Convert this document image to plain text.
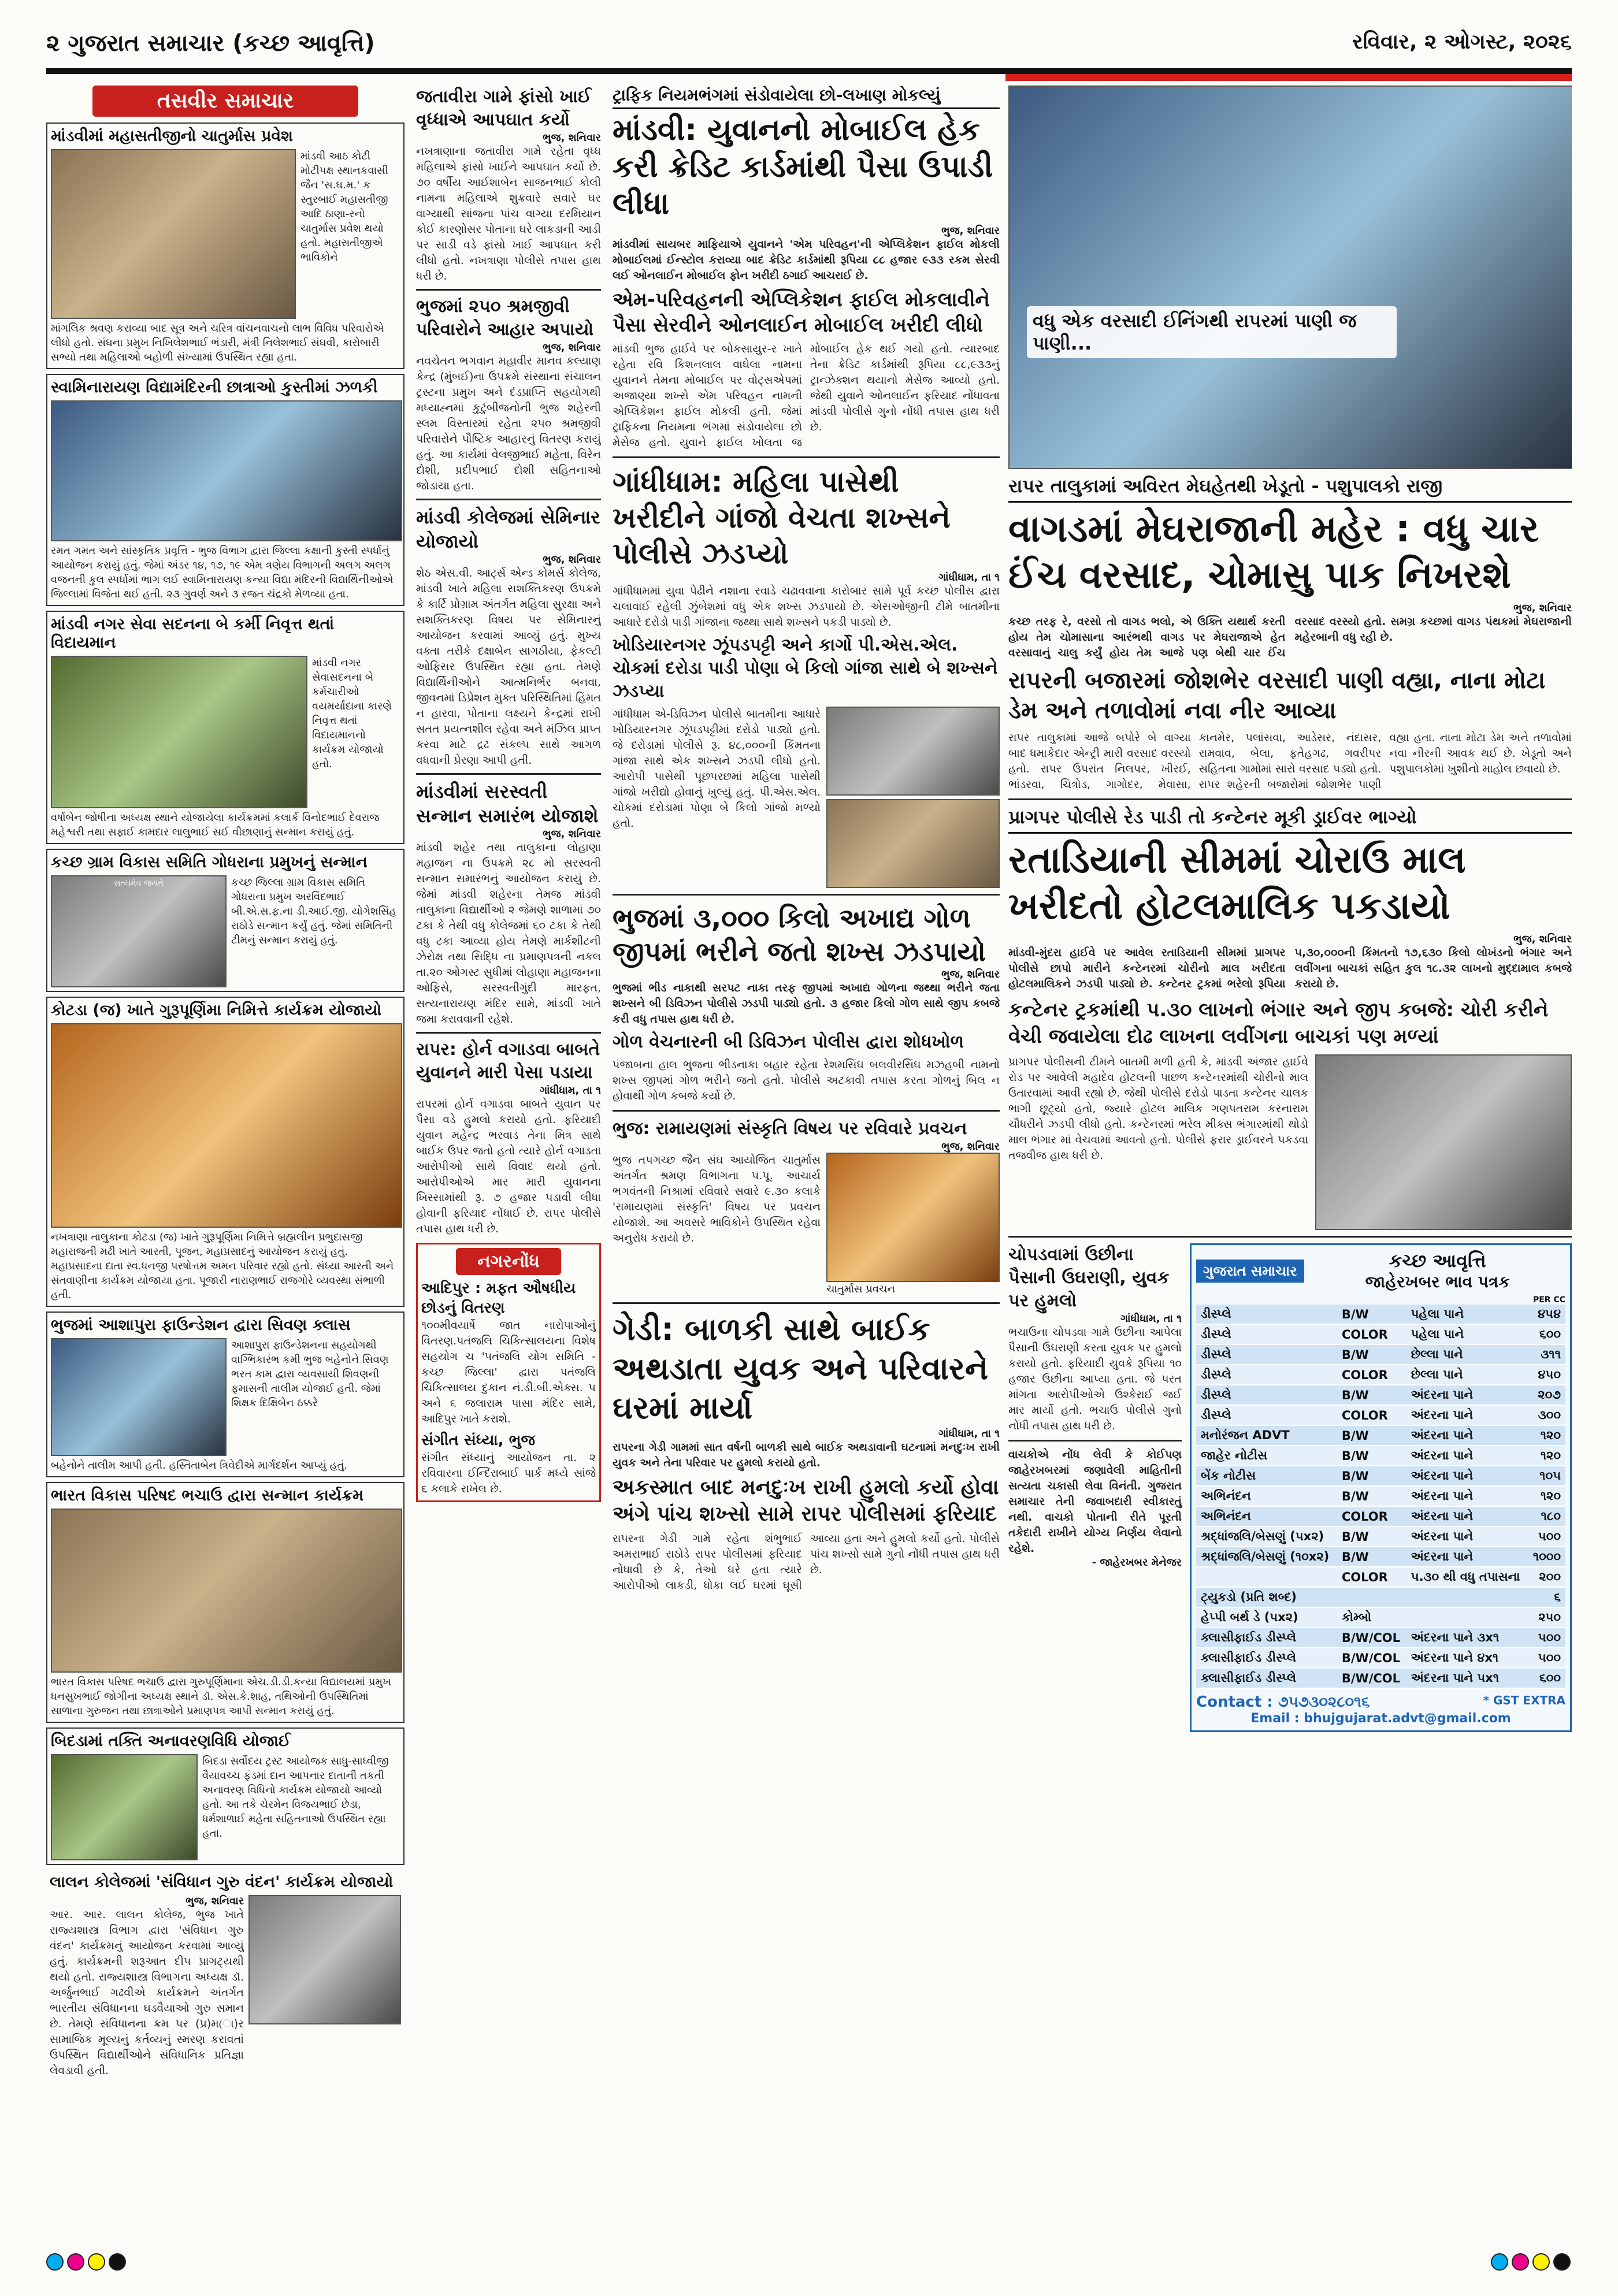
૨ ગુજરાત સમાચાર (કચ્છ આવૃત્તિ)	રવિવાર, ૨ ઓગસ્ટ, ૨૦૨૬
તસવીર સમાચાર
માંડવીમાં મહાસતીજીનો ચાતુર્માસ પ્રવેશ
માંડવી આઠ કોટી મોટીપક્ષ સ્થાનકવાસી જૈન 'સ.ઘ.મ.' ક સ્તુરબાઈ મહાસતીજી આદિ ઠાણા-રનો ચાતુર્માસ પ્રવેશ થયો હતો. મહાસતીજીએ ભાવિકોને
માંગલિક શ્રવણ કરાવ્યા બાદ સૂત્ર અને ચરિત્ર વાંચનવાચનો લાભ વિવિધ પરિવારોએ લીધો હતો. સંઘના પ્રમુખ નિખિલેશભાઈ ભંડારી, મંત્રી નિલેશભાઈ સંઘવી, કારોબારી સભ્યો તથા મહિલાઓ બહોળી સંખ્યામાં ઉપસ્થિત રહ્યા હતા.
સ્વામિનારાયણ વિદ્યામંદિરની છાત્રાઓ કુસ્તીમાં ઝળકી
રમત ગમત અને સાંસ્કૃતિક પ્રવૃત્તિ - ભુજ વિભાગ દ્વારા જિલ્લા કક્ષાની કુસ્તી સ્પર્ધાનું આયોજન કરાયું હતું. જેમાં અંડર ૧૪, ૧૭, ૧૯ એમ ત્રણેય વિભાગની અલગ અલગ વજનની કુલ સ્પર્ધામાં ભાગ લઈ સ્વામિનારાયણ કન્યા વિદ્યા મંદિરની વિદ્યાર્થિનીઓએ જિલ્લામાં વિજેતા થઈ હતી. ૨૩ ગુવર્ણ અને ૩ રજત ચંદ્રકો મેળવ્યા હતા.
માંડવી નગર સેવા સદનના બે કર્મી નિવૃત્ત થતાં વિદાયમાન
માંડવી નગર સેવાસદનના બે કર્મચારીઓ વયમર્યાદાના કારણે નિવૃત્ત થતાં વિદાયમાનનો કાર્યક્રમ યોજાયો હતો.
વર્ષાબેન જોષીના અધ્યક્ષ સ્થાને યોજાયેલા કાર્યક્રમમાં કલાર્ક વિનોદભાઈ દેવરાજ મહેશ્વરી તથા સફાઈ કામદાર લાલુભાઈ સઈ વીછાણાનું સન્માન કરાયું હતું.
કચ્છ ગ્રામ વિકાસ સમિતિ ગોધરાના પ્રમુખનું સન્માન
સત્યમેવ જયતે	કચ્છ જિલ્લા ગ્રામ વિકાસ સમિતિ ગોધરાના પ્રમુખ અરવિંદભાઈ બી.એ.સ.ફ.ના ડી.આઈ.જી. યોગેશસિંહ રાઠોડે સન્માન કર્યું હતું. જેમાં સમિતિની ટીમનું સન્માન કરાયું હતું.
કોટડા (જ) ખાતે ગુરૂપૂર્ણિમા નિમિત્તે કાર્યક્રમ યોજાયો
નખત્રાણા તાલુકાના કોટડા (જ) ખાતે ગુરૂપૂર્ણિમા નિમિત્તે બ્રહ્મલીન પ્રભુદાસજી મહારાજની મઢી ખાતે આરતી, પૂજન, મહાપ્રસાદનું આયોજન કરાયું હતું. મહાપ્રસાદના દાતા સ્વ.ધનજી પરષોત્તમ અમન પરિવાર રહ્યો હતો. સંધ્યા આરતી અને સંતવાણીના કાર્યક્રમ યોજાયા હતા. પૂજારી નારાણભાઈ રાજગોરે વ્યવસ્થા સંભાળી હતી.
ભુજમાં આશાપુરા ફાઉન્ડેશન દ્વારા સિવણ ક્લાસ
આશાપુરા ફાઉન્ડેશનના સહયોગથી વાગ્ભિકારંભ કમી ભુજ બહેનોને સિવણ ભરત કામ દ્વારા વ્યવસાયી શિવણની ફમાસની તાલીમ યોજાઈ હતી. જેમાં શિક્ષક દિક્ષિબેન ઠક્કરે
બહેનોને તાલીમ આપી હતી. હસ્તિતાબેન ત્રિવેદીએ માર્ગદર્શન આપ્યું હતું.
ભારત વિકાસ પરિષદ ભચાઉ દ્વારા સન્માન કાર્યક્રમ
ભારત વિકાસ પરિષદ ભચાઉ દ્વારા ગુરુપૂર્ણિમાના એચ.ડી.ડી.કન્યા વિદ્યાલયમાં પ્રમુખ ધનસુખભાઈ જોગીના અધ્યક્ષ સ્થાને ડૉ. એસ.કે.શાહ, તથિઓની ઉપસ્થિતિમાં સાળાના ગુરુજન તથા છાત્રાઓને પ્રમાણપત્ર આપી સન્માન કરાયું હતું.
બિદડામાં તક્તિ અનાવરણવિધિ યોજાઈ
બિદડા સર્વોદય ટ્રસ્ટ આયોજક સાધુ-સાધ્વીજી વૈયાવચ્ચ ફંડમાં દાન આપનાર દાતાની તકતી અનાવરણ વિધિનો કાર્યક્રમ યોજાયો આવ્યો હતો. આ તકે ચેરમેન વિજયભાઈ છેડા, ધર્મશાળાઈ મહેતા સહિતનાઓ ઉપસ્થિત રહ્યા હતા.
લાલન કોલેજમાં 'સંવિધાન ગુરુ વંદન' કાર્યક્રમ યોજાયો
ભુજ, શનિવાર
આર. આર. લાલન કોલેજ, ભુજ ખાતે રાજ્યશાસ્ત્ર વિભાગ દ્વારા 'સંવિધાન ગુરુ વંદન' કાર્યક્રમનું આયોજન કરવામાં આવ્યું હતું. કાર્યક્રમની શરૂઆત દીપ પ્રાગટ્યથી થયો હતો. રાજ્યશાસ્ત્ર વિભાગના અધ્યક્ષ ડૉ. અર્જુનભાઈ ગઢવીએ કાર્યક્રમને અંતર્ગત ભારતીય સંવિધાનના ઘડવૈયાઓ ગુરુ સમાન છે. તેમણે સંવિધાનના ક્રમ પર (પ્ર)મ(ા)ર સામાજિક મૂલ્યનું કર્તવ્યનું સ્મરણ કરાવતાં ઉપસ્થિત વિદ્યાર્થીઓને સંવિધાનિક પ્રતિજ્ઞા લેવડાવી હતી.
જતાવીરા ગામે ફાંસો ખાઈ વૃધ્ધાએ આપઘાત કર્યો
ભુજ, શનિવાર
નખત્રાણાના જતાવીરા ગામે રહેતા વૃધ્ધ મહિલાએ ફાંસો ખાઈને આપઘાત કર્યો છે. ૭૦ વર્ષીય આઈશાબેન સાજનભાઈ કોલી નામના મહિલાએ શુક્રવારે સવારે ઘર વાગ્યાથી સાંજના પાંચ વાગ્યા દરમિયાન કોઈ કારણોસર પોતાના ઘરે લાકડાની આડી પર સાડી વડે ફાંસો ખાઈ આપઘાત કરી લીધો હતો. નખત્રાણા પોલીસે તપાસ હાથ ધરી છે.
ભુજમાં ૨૫૦ શ્રમજીવી પરિવારોને આહાર અપાયો
ભુજ, શનિવાર
નવચેતન ભગવાન મહાવીર માનવ કલ્યાણ કેન્દ્ર (મુંબઈ)ના ઉપક્રમે સંસ્થાના સંચાલન ટ્રસ્ટના પ્રમુખ અને દંડપ્રાપ્તિ સહયોગથી મધ્યાહ્નમાં કુટુંબીજનોની ભુજ શહેરની સ્લમ વિસ્તારમાં રહેતા ૨૫૦ શ્રમજીવી પરિવારોને પૌષ્ટિક આહારનું વિતરણ કરાયું હતું. આ કાર્યમાં વેલજીભાઈ મહેતા, વિરેન દોશી, પ્રદીપભાઈ દોશી સહિતનાઓ જોડાયા હતા.
માંડવી કોલેજમાં સેમિનાર યોજાયો
ભુજ, શનિવાર
શેઠ એસ.વી. આર્ટ્સ એન્ડ કોમર્સ કોલેજ, માંડવી ખાતે મહિલા સશક્તિકરણ ઉપક્રમે કે કાર્ટિ પ્રોગ્રામ અંતર્ગત મહિલા સુરક્ષા અને સશક્તિકરણ વિષય પર સેમિનારનું આયોજન કરવામાં આવ્યું હતું. મુખ્ય વક્તા તરીકે દક્ષાબેન સાગઠીયા, ફેકલ્ટી ઓફિસર ઉપસ્થિત રહ્યા હતા. તેમણે વિદ્યાર્થિનીઓને આત્મનિર્ભર બનવા, જીવનમાં ડિપ્રેશન મુક્ત પરિસ્થિતિમાં હિંમત ન હારવા, પોતાના લક્ષ્યને કેન્દ્રમાં રાખી સતત પ્રયત્નશીલ રહેવા અને મંઝિલ પ્રાપ્ત કરવા માટે દ્રઢ સંકલ્પ સાથે આગળ વધવાની પ્રેરણા આપી હતી.
માંડવીમાં સરસ્વતી સન્માન સમારંભ યોજાશે
ભુજ, શનિવાર
માંડવી શહેર તથા તાલુકાના લોહાણા મહાજન ના ઉપક્રમે ૨૮ મો સરસ્વતી સન્માન સમારંભનું આયોજન કરાયું છે. જેમાં માંડવી શહેરના તેમજ માંડવી તાલુકાના વિદ્યાર્થીઓ ૨ જેમણે શાળામાં ૭૦ ટકા કે તેથી વધુ કોલેજમાં ૬૦ ટકા કે તેથી વધુ ટકા આવ્યા હોય તેમણે માર્કશીટની ઝેરોક્ષ તથા સિદ્ધિ ના પ્રમાણપત્રની નકલ તા.૨૦ ઓગસ્ટ સુધીમાં લોહાણા મહાજનના ઓફિસે, સરસ્વતીગુંદી મારફત, સત્યનારાયણ મંદિર સામે, માંડવી ખાતે જમા કરાવવાની રહેશે.
રાપર: હોર્ન વગાડવા બાબતે યુવાનને મારી પેસા પડાયા
ગાંધીધામ, તા ૧
રાપરમાં હોર્ન વગાડવા બાબતે યુવાન પર પૈસા વડે હુમલો કરાયો હતો. ફરિયાદી યુવાન મહેન્દ્ર ભરવાડ તેના મિત્ર સાથે બાઈક ઉપર જતો હતો ત્યારે હોર્ન વગાડતા આરોપીઓ સાથે વિવાદ થયો હતો. આરોપીઓએ માર મારી યુવાનના ખિસ્સામાંથી રૂ. ૭ હજાર પડાવી લીધા હોવાની ફરિયાદ નોંધાઈ છે. રાપર પોલીસે તપાસ હાથ ધરી છે.
નગરનોંધ
આદિપુર : મફત ઔષધીય છોડનું વિતરણ
૧૦૦મીવયાર્ષે જાત નારોપાઓનું વિતરણ.પતંજલિ ચિકિત્સાલયના વિશેષ સહયોગ ચ 'પતંજલિ યોગ સમિતિ - કચ્છ જિલ્લા' દ્વારા પતંજલિ ચિકિત્સાલય દુકાન નં.ડી.બી.એક્સ. ૫ અને ૬ જલારામ પાસા મંદિર સામે, આદિપુર ખાતે કરાશે.
સંગીત સંધ્યા, ભુજ
સંગીત સંધ્યાનું આયોજન તા. ૨ રવિવારના ઈન્દિરાબાઈ પાર્ક મધ્યે સાંજે ૬ કલાકે રાખેલ છે.
ટ્રાફિક નિયમભંગમાં સંડોવાયેલા છો-લખાણ મોકલ્યું
માંડવી: યુવાનનો મોબાઈલ હેક કરી ક્રેડિટ કાર્ડમાંથી પૈસા ઉપાડી લીધા
ભુજ, શનિવાર
માંડવીમાં સાયબર માફિયાએ યુવાનને 'એમ પરિવહન'ની એપ્લિકેશન ફાઈલ મોકલી મોબાઈલમાં ઈન્સ્ટોલ કરાવ્યા બાદ ક્રેડિટ કાર્ડમાંથી રૂપિયા ૮૮ હજાર ૯૩૩ રકમ સેરવી લઈ ઓનલાઈન મોબાઈલ ફોન ખરીદી ઠગાઈ આચરાઈ છે.
એમ-પરિવહનની એપ્લિકેશન ફાઈલ મોકલાવીને પૈસા સેરવીને ઓનલાઈન મોબાઈલ ખરીદી લીધો
માંડવી ભુજ હાઈવે પર બોકસાયુર-ર ખાતે રહેતા રવિ કિશનલાલ વાઘેલા નામના યુવાનને તેમના મોબાઈલ પર વોટ્સએપમાં અજાણ્યા શખ્સે એમ પરિવહન નામની એપ્લિકેશન ફાઈલ મોકલી હતી. જેમાં ટ્રાફિકના નિયમના ભંગમાં સંડોવાયેલા છો મેસેજ હતો. યુવાને ફાઈલ ખોલતા જ મોબાઈલ હેક થઈ ગયો હતો. ત્યારબાદ તેના ક્રેડિટ કાર્ડમાંથી રૂપિયા ૮૮,૯૩૩નું ટ્રાન્ઝેક્શન થયાનો મેસેજ આવ્યો હતો. જેથી યુવાને ઓનલાઈન ફરિયાદ નોંધાવતા માંડવી પોલીસે ગુનો નોંધી તપાસ હાથ ધરી છે.
ગાંધીધામ: મહિલા પાસેથી ખરીદીને ગાંજો વેચતા શખ્સને પોલીસે ઝડપ્યો
ગાંધીધામ, તા ૧
ગાંધીધામમાં યુવા પેઢીને નશાના રવાડે ચઢાવવાના કારોબાર સામે પૂર્વ કચ્છ પોલીસ દ્વારા ચલાવાઈ રહેલી ઝુંબેશમાં વધુ એક શખ્સ ઝડપાયો છે. એસઓજીની ટીમે બાતમીના આધારે દરોડો પાડી ગાંજાના જથ્થા સાથે શખ્સને પકડી પાડ્યો છે.
ખોડિયારનગર ઝૂંપડપટ્ટી અને કાર્ગો પી.એસ.એલ. ચોકમાં દરોડા પાડી પોણા બે કિલો ગાંજા સાથે બે શખ્સને ઝડપ્યા
ગાંધીધામ એ-ડિવિઝન પોલીસે બાતમીના આધારે ખોડિયારનગર ઝૂંપડપટ્ટીમાં દરોડો પાડ્યો હતો. જે દરોડામાં પોલીસે રૂ. ૪૮,૦૦૦ની કિંમતના ગાંજા સાથે એક શખ્સને ઝડપી લીધો હતો. આરોપી પાસેથી પૂછપરછમાં મહિલા પાસેથી ગાંજો ખરીદ્યો હોવાનું ખુલ્યું હતું. પી.એસ.એલ. ચોકમાં દરોડામાં પોણા બે કિલો ગાંજો મળ્યો હતો.
ભુજમાં ૩,૦૦૦ કિલો અખાદ્ય ગોળ જીપમાં ભરીને જતો શખ્સ ઝડપાયો
ભુજ, શનિવાર
ભુજમાં ભીડ નાકાથી સરપટ નાકા તરફ જીપમાં અખાદ્ય ગોળના જથ્થા ભરીને જતા શખ્સને બી ડિવિઝન પોલીસે ઝડપી પાડ્યો હતો. ૩ હજાર કિલો ગોળ સાથે જીપ કબજે કરી વધુ તપાસ હાથ ધરી છે.
ગોળ વેચનારની બી ડિવિઝન પોલીસ દ્વારા શોધખોળ
પંજાબના હાલ ભુજના ભીડનાકા બહાર રહેતા રેશમસિંઘ બલવીરસિંઘ મઝહબી નામનો શખ્સ જીપમાં ગોળ ભરીને જતો હતો. પોલીસે અટકાવી તપાસ કરતા ગોળનું બિલ ન હોવાથી ગોળ કબજે કર્યો છે.
ભુજ: રામાયણમાં સંસ્કૃતિ વિષય પર રવિવારે પ્રવચન
ભુજ, શનિવાર
ભુજ તપગચ્છ જૈન સંઘ આયોજિત ચાતુર્માસ અંતર્ગત શ્રમણ વિભાગના પ.પૂ. આચાર્ય ભગવંતની નિશ્રામાં રવિવારે સવારે ૯.૩૦ કલાકે 'રામાયણમાં સંસ્કૃતિ' વિષય પર પ્રવચન યોજાશે. આ અવસરે ભાવિકોને ઉપસ્થિત રહેવા અનુરોધ કરાયો છે.
ચાતુર્માસ પ્રવચન
ગેડી: બાળકી સાથે બાઈક અથડાતા યુવક અને પરિવારને ઘરમાં માર્યા
ગાંધીધામ, તા ૧
રાપરના ગેડી ગામમાં સાત વર્ષની બાળકી સાથે બાઈક અથડાવાની ઘટનામાં મનદુઃખ રાખી યુવક અને તેના પરિવાર પર હુમલો કરાયો હતો.
અકસ્માત બાદ મનદુઃખ રાખી હુમલો કર્યો હોવા અંગે પાંચ શખ્સો સામે રાપર પોલીસમાં ફરિયાદ
રાપરના ગેડી ગામે રહેતા શંભુભાઈ અમરાભાઈ રાઠોડે રાપર પોલીસમાં ફરિયાદ નોંધાવી છે કે, તેઓ ઘરે હતા ત્યારે આરોપીઓ લાકડી, ધોકા લઈ ઘરમાં ઘૂસી આવ્યા હતા અને હુમલો કર્યો હતો. પોલીસે પાંચ શખ્સો સામે ગુનો નોંધી તપાસ હાથ ધરી છે.
વધુ એક વરસાદી ઈનિંગથી રાપરમાં પાણી જ પાણી...
રાપર તાલુકામાં અવિરત મેઘહેતથી ખેડૂતો - પશુપાલકો રાજી
વાગડમાં મેઘરાજાની મહેર : વધુ ચાર ઈંચ વરસાદ, ચોમાસુ પાક નિખરશે
ભુજ, શનિવાર
કચ્છ તરફ રે, વરસો તો વાગડ ભલો, એ ઉક્તિ યથાર્થ કરતી હોય તેમ ચોમાસાના આરંભથી વાગડ પર મેઘરાજાએ હેત વરસાવાનું ચાલુ કર્યું હોય તેમ આજે પણ બેથી ચાર ઈંચ વરસાદ વરસ્યો હતો. સમગ્ર કચ્છમાં વાગડ પંથકમાં મેઘરાજાની મહેરબાની વધુ રહી છે.
રાપરની બજારમાં જોશભેર વરસાદી પાણી વહ્યા, નાના મોટા ડેમ અને તળાવોમાં નવા નીર આવ્યા
રાપર તાલુકામાં આજે બપોરે બે વાગ્યા બાદ ધમાકેદાર એન્ટ્રી મારી વરસાદ વરસ્યો હતો. રાપર ઉપરાંત નિલપર, ખીરઈ, ભાંડરવા, ચિત્રોડ, ગાગોદર, મેવાસા, કાનમેર, પલાંસવા, આડેસર, નંદાસર, રામવાવ, બેલા, ફતેહગઢ, ગવરીપર સહિતના ગામોમાં સારો વરસાદ પડ્યો હતો. રાપર શહેરની બજારોમાં જોશભેર પાણી વહ્યા હતા. નાના મોટા ડેમ અને તળાવોમાં નવા નીરની આવક થઈ છે. ખેડૂતો અને પશુપાલકોમાં ખુશીનો માહોલ છવાયો છે.
પ્રાગપર પોલીસે રેડ પાડી તો કન્ટેનર મૂકી ડ્રાઈવર ભાગ્યો
રતાડિયાની સીમમાં ચોરાઉ માલ ખરીદતો હોટલમાલિક પકડાયો
ભુજ, શનિવાર
માંડવી-મુંદરા હાઈવે પર આવેલ રતાડિયાની સીમમાં પ્રાગપર પોલીસે છાપો મારીને કન્ટેનરમાં ચોરીનો માલ ખરીદતા હોટલમાલિકને ઝડપી પાડ્યો છે. કન્ટેનર ટ્રકમાં ભરેલો રૂપિયા ૫,૩૦,૦૦૦ની કિંમતનો ૧૭,૬૩૦ કિલો લોખંડનો ભંગાર અને લવીંગના બાચકાં સહિત કુલ ૧૮.૩૨ લાખનો મુદ્દામાલ કબજે કરાયો છે.
કન્ટેનર ટ્રકમાંથી પ.૩૦ લાખનો ભંગાર અને જીપ કબજે: ચોરી કરીને વેચી જવાયેલા દોઢ લાખના લવીંગના બાચકાં પણ મળ્યાં
પ્રાગપર પોલીસની ટીમને બાતમી મળી હતી કે, માંડવી અંજાર હાઈવે રોડ પર આવેલી મહાદેવ હોટલની પાછળ કન્ટેનરમાંથી ચોરીનો માલ ઉતારવામાં આવી રહ્યો છે. જેથી પોલીસે દરોડો પાડતા કન્ટેનર ચાલક ભાગી છૂટ્યો હતો, જ્યારે હોટલ માલિક ગણપતરામ કરનારામ ચૌધરીને ઝડપી લીધો હતો. કન્ટેનરમાં ભરેલ મીક્સ ભંગારમાંથી થોડો માલ ભંગાર માં વેચવામાં આવતો હતો. પોલીસે ફરાર ડ્રાઈવરને પકડવા તજવીજ હાથ ધરી છે.
ચોપડવામાં ઉછીના પૈસાની ઉઘરાણી, યુવક પર હુમલો
ગાંધીધામ, તા ૧
ભચાઉના ચોપડવા ગામે ઉછીના આપેલા પૈસાની ઉઘરાણી કરતા યુવક પર હુમલો કરાયો હતો. ફરિયાદી યુવકે રૂપિયા ૧૦ હજાર ઉછીના આપ્યા હતા. જે પરત માંગતા આરોપીઓએ ઉશ્કેરાઈ જઈ માર માર્યો હતો. ભચાઉ પોલીસે ગુનો નોંધી તપાસ હાથ ધરી છે.
વાચકોએ નોંધ લેવી કે કોઈપણ જાહેરખબરમાં જણાવેલી માહિતીની સત્યતા ચકાસી લેવા વિનંતી. ગુજરાત સમાચાર તેની જવાબદારી સ્વીકારતું નથી. વાચકો પોતાની રીતે પૂરતી તકેદારી રાખીને યોગ્ય નિર્ણય લેવાનો રહેશે.
- જાહેરખબર મેનેજર
ગુજરાત સમાચાર	કચ્છ આવૃત્તિ
જાહેરખબર ભાવ પત્રક
PER CC
ડીસ્પ્લે	B/W	પહેલા પાને	૪૫૪
ડીસ્પ્લે	COLOR	પહેલા પાને	૬૦૦
ડીસ્પ્લે	B/W	છેલ્લા પાને	૩૧૧
ડીસ્પ્લે	COLOR	છેલ્લા પાને	૪૫૦
ડીસ્પ્લે	B/W	અંદરના પાને	૨૦૭
ડીસ્પ્લે	COLOR	અંદરના પાને	૩૦૦
મનોરંજન ADVT	B/W	અંદરના પાને	૧૨૦
જાહેર નોટીસ	B/W	અંદરના પાને	૧૨૦
બેંક નોટીસ	B/W	અંદરના પાને	૧૦૫
અભિનંદન	B/W	અંદરના પાને	૧૨૦
અભિનંદન	COLOR	અંદરના પાને	૧૮૦
શ્રદ્ધાંજલિ/બેસણું (૫x૨)	B/W	અંદરના પાને	૫૦૦
શ્રદ્ધાંજલિ/બેસણું (૧૦x૨)	B/W	અંદરના પાને	૧૦૦૦
	COLOR	૫.૩૦ થી વધુ તપાસના	૨૦૦
ટ્યુકડો (પ્રતિ શબ્દ)			૬
હેપ્પી બર્થ ડે (૫x૨)	કોમ્બો		૨૫૦
ક્લાસીફાઈડ ડીસ્પ્લે	B/W/COL	અંદરના પાને ૩x૧	૫૦૦
ક્લાસીફાઈડ ડીસ્પ્લે	B/W/COL	અંદરના પાને ૪x૧	૫૦૦
ક્લાસીફાઈડ ડીસ્પ્લે	B/W/COL	અંદરના પાને ૫x૧	૬૦૦
Contact : ૭૫૭૩૦૨૮૦૧૬	* GST EXTRA
Email : bhujgujarat.advt@gmail.com
